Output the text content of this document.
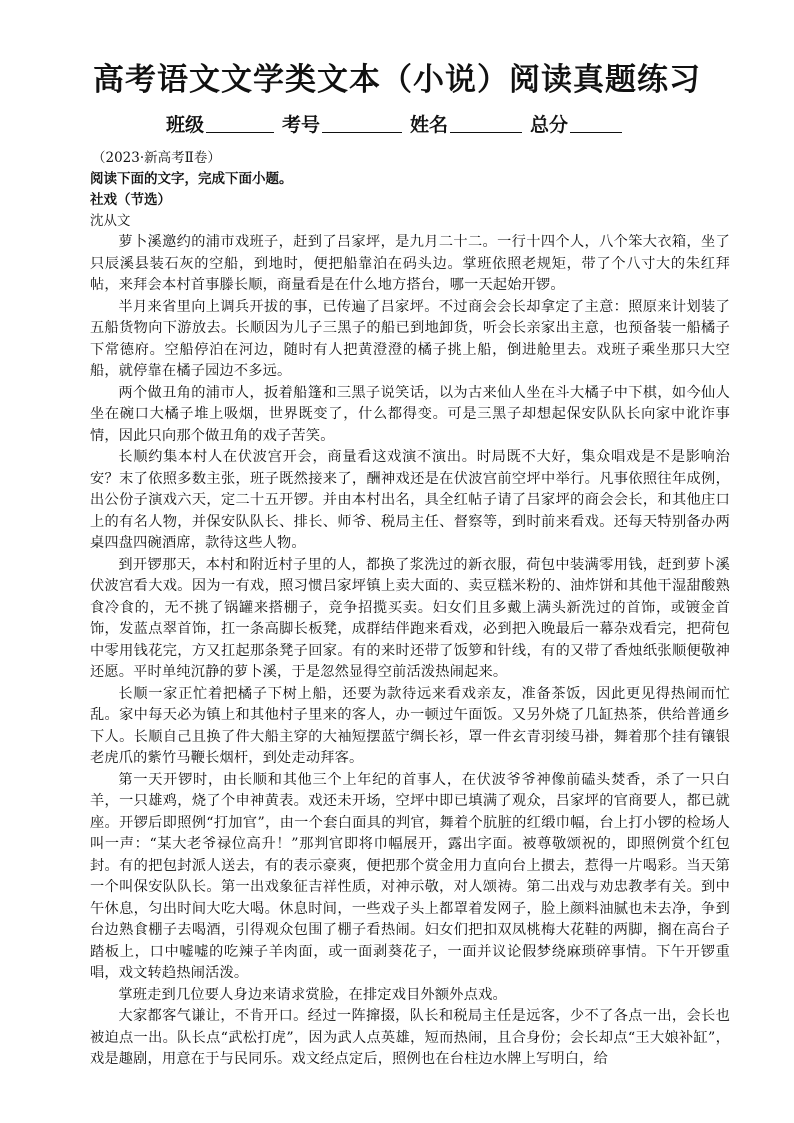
高考语文文学类文本（小说）阅读真题练习
班级	考号	姓名	总分

（2023·新高考Ⅱ卷）

阅读下面的文字，完成下面小题。

社戏（节选）

沈从文

萝卜溪邀约的浦市戏班子，赶到了吕家坪，是九月二十二。一行十四个人，八个笨大衣箱，坐了只辰溪县装石灰的空船，到地时，便把船靠泊在码头边。掌班依照老规矩，带了个八寸大的朱红拜帖，来拜会本村首事滕长顺，商量看是在什么地方搭台，哪一天起始开锣。

半月来省里向上调兵开拔的事，已传遍了吕家坪。不过商会会长却拿定了主意：照原来计划装了五船货物向下游放去。长顺因为儿子三黑子的船已到地卸货，听会长亲家出主意，也预备装一船橘子下常德府。空船停泊在河边，随时有人把黄澄澄的橘子挑上船，倒进舱里去。戏班子乘坐那只大空船，就停靠在橘子园边不多远。

两个做丑角的浦市人，扳着船篷和三黑子说笑话，以为古来仙人坐在斗大橘子中下棋，如今仙人坐在碗口大橘子堆上吸烟，世界既变了，什么都得变。可是三黑子却想起保安队队长向家中讹诈事情，因此只向那个做丑角的戏子苦笑。

长顺约集本村人在伏波宫开会，商量看这戏演不演出。时局既不大好，集众唱戏是不是影响治安？末了依照多数主张，班子既然接来了，酬神戏还是在伏波宫前空坪中举行。凡事依照往年成例，出公份子演戏六天，定二十五开锣。并由本村出名，具全红帖子请了吕家坪的商会会长，和其他庄口上的有名人物，并保安队队长、排长、师爷、税局主任、督察等，到时前来看戏。还每天特别备办两桌四盘四碗酒席，款待这些人物。

到开锣那天，本村和附近村子里的人，都换了浆洗过的新衣服，荷包中装满零用钱，赶到萝卜溪伏波宫看大戏。因为一有戏，照习惯吕家坪镇上卖大面的、卖豆糕米粉的、油炸饼和其他干湿甜酸熟食冷食的，无不挑了锅罐来搭棚子，竞争招揽买卖。妇女们且多戴上满头新洗过的首饰，或镀金首饰，发蓝点翠首饰，扛一条高脚长板凳，成群结伴跑来看戏，必到把入晚最后一幕杂戏看完，把荷包中零用钱花完，方又扛起那条凳子回家。有的来时还带了饭箩和针线，有的又带了香烛纸张顺便敬神还愿。平时单纯沉静的萝卜溪，于是忽然显得空前活泼热闹起来。

长顺一家正忙着把橘子下树上船，还要为款待远来看戏亲友，准备茶饭，因此更见得热闹而忙乱。家中每天必为镇上和其他村子里来的客人，办一顿过午面饭。又另外烧了几缸热茶，供给普通乡下人。长顺自己且换了件大船主穿的大袖短摆蓝宁绸长衫，罩一件玄青羽绫马褂，舞着那个挂有镶银老虎爪的紫竹马鞭长烟杆，到处走动拜客。

第一天开锣时，由长顺和其他三个上年纪的首事人，在伏波爷爷神像前磕头焚香，杀了一只白羊，一只雄鸡，烧了个申神黄表。戏还未开场，空坪中即已填满了观众，吕家坪的官商要人，都已就座。开锣后即照例“打加官”，由一个套白面具的判官，舞着个肮脏的红缎巾幅，台上打小锣的检场人叫一声：“某大老爷禄位高升！”那判官即将巾幅展开，露出字面。被尊敬颂祝的，即照例赏个红包封。有的把包封派人送去，有的表示豪爽，便把那个赏金用力直向台上掼去，惹得一片喝彩。当天第一个叫保安队队长。第一出戏象征吉祥性质，对神示敬，对人颂祷。第二出戏与劝忠教孝有关。到中午休息，匀出时间大吃大喝。休息时间，一些戏子头上都罩着发网子，脸上颜料油腻也未去净，争到台边熟食棚子去喝酒，引得观众包围了棚子看热闹。妇女们把扣双凤桃梅大花鞋的两脚，搁在高台子踏板上，口中嘘嘘的吃辣子羊肉面，或一面剥葵花子，一面并议论假梦绕麻琐碎事情。下午开锣重唱，戏文转趋热闹活泼。

掌班走到几位要人身边来请求赏脸，在排定戏目外额外点戏。

大家都客气谦让，不肯开口。经过一阵撺掇，队长和税局主任是远客，少不了各点一出，会长也被迫点一出。队长点“武松打虎”，因为武人点英雄，短而热闹，且合身份；会长却点“王大娘补缸”，戏是趣剧，用意在于与民同乐。戏文经点定后，照例也在台柱边水牌上写明白，给
